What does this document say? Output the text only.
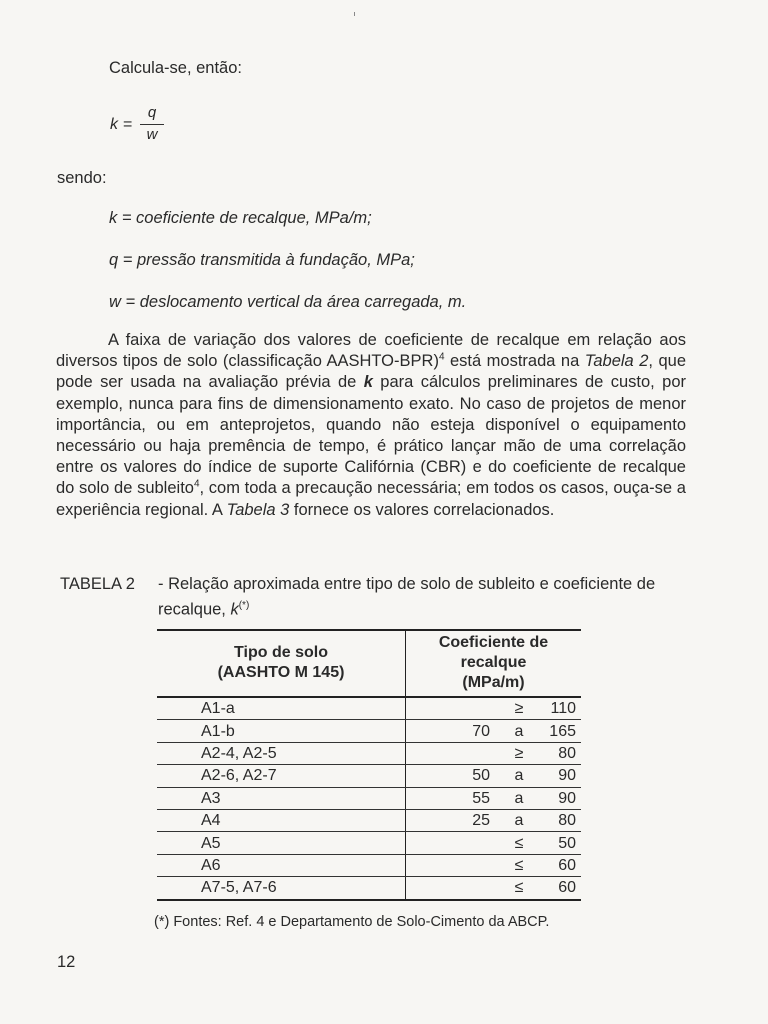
Calcula-se, então:
k =
q
w
sendo:
k = coeficiente de recalque, MPa/m;
q = pressão transmitida à fundação, MPa;
w = deslocamento vertical da área carregada, m.
A faixa de variação dos valores de coeficiente de recalque em relação aos diversos tipos de solo (classificação AASHTO-BPR)$^4$ está mostrada na Tabela 2, que pode ser usada na avaliação prévia de k para cálculos preliminares de custo, por exemplo, nunca para fins de dimensionamento exato. No caso de projetos de menor importância, ou em anteprojetos, quando não esteja disponível o equipamento necessário ou haja premência de tempo, é prático lançar mão de uma correlação entre os valores do índice de suporte Califórnia (CBR) e do coeficiente de recalque do solo de subleito$^4$, com toda a precaução necessária; em todos os casos, ouça-se a experiência regional. A Tabela 3 fornece os valores correlacionados.
TABELA 2 - Relação aproximada entre tipo de solo de subleito e coeficiente de recalque, k(*)
Tipo de solo
(AASHTO M 145)	Coeficiente de recalque
(MPa/m)
A1-a	≥ 110

A1-b	70 a 165

A2-4, A2-5	≥ 80

A2-6, A2-7	50 a 90

A3	55 a 90

A4	25 a 80

A5	≤ 50

A6	≤ 60

A7-5, A7-6	≤ 60
(*) Fontes: Ref. 4 e Departamento de Solo-Cimento da ABCP.
12
